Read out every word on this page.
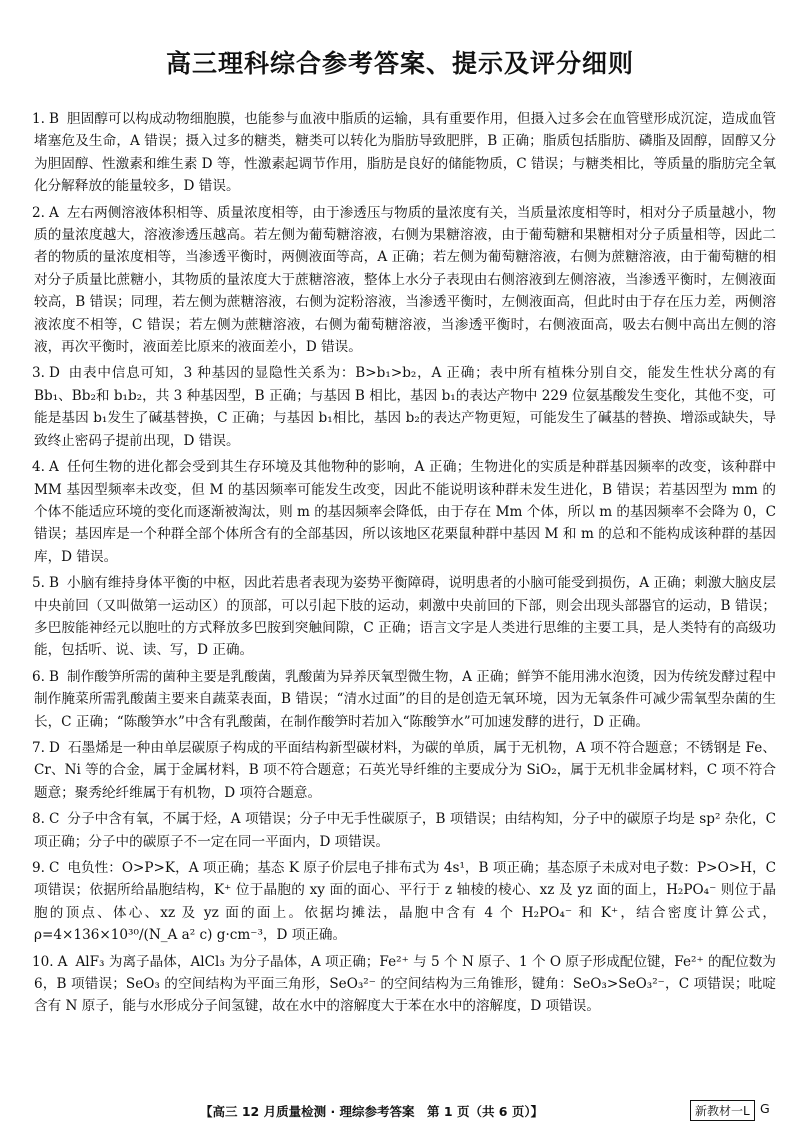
高三理科综合参考答案、提示及评分细则
1. B 胆固醇可以构成动物细胞膜，也能参与血液中脂质的运输，具有重要作用，但摄入过多会在血管壁形成沉淀，造成血管堵塞危及生命，A 错误；摄入过多的糖类，糖类可以转化为脂肪导致肥胖，B 正确；脂质包括脂肪、磷脂及固醇，固醇又分为胆固醇、性激素和维生素 D 等，性激素起调节作用，脂肪是良好的储能物质，C 错误；与糖类相比，等质量的脂肪完全氧化分解释放的能量较多，D 错误。
2. A 左右两侧溶液体积相等、质量浓度相等，由于渗透压与物质的量浓度有关，当质量浓度相等时，相对分子质量越小，物质的量浓度越大，溶液渗透压越高。若左侧为葡萄糖溶液，右侧为果糖溶液，由于葡萄糖和果糖相对分子质量相等，因此二者的物质的量浓度相等，当渗透平衡时，两侧液面等高，A 正确；若左侧为葡萄糖溶液，右侧为蔗糖溶液，由于葡萄糖的相对分子质量比蔗糖小，其物质的量浓度大于蔗糖溶液，整体上水分子表现由右侧溶液到左侧溶液，当渗透平衡时，左侧液面较高，B 错误；同理，若左侧为蔗糖溶液，右侧为淀粉溶液，当渗透平衡时，左侧液面高，但此时由于存在压力差，两侧溶液浓度不相等，C 错误；若左侧为蔗糖溶液，右侧为葡萄糖溶液，当渗透平衡时，右侧液面高，吸去右侧中高出左侧的溶液，再次平衡时，液面差比原来的液面差小，D 错误。
3. D 由表中信息可知，3 种基因的显隐性关系为：B>b₁>b₂，A 正确；表中所有植株分别自交，能发生性状分离的有 Bb₁、Bb₂和 b₁b₂，共 3 种基因型，B 正确；与基因 B 相比，基因 b₁的表达产物中 229 位氨基酸发生变化，其他不变，可能是基因 b₁发生了碱基替换，C 正确；与基因 b₁相比，基因 b₂的表达产物更短，可能发生了碱基的替换、增添或缺失，导致终止密码子提前出现，D 错误。
4. A 任何生物的进化都会受到其生存环境及其他物种的影响，A 正确；生物进化的实质是种群基因频率的改变，该种群中 MM 基因型频率未改变，但 M 的基因频率可能发生改变，因此不能说明该种群未发生进化，B 错误；若基因型为 mm 的个体不能适应环境的变化而逐渐被淘汰，则 m 的基因频率会降低，由于存在 Mm 个体，所以 m 的基因频率不会降为 0，C 错误；基因库是一个种群全部个体所含有的全部基因，所以该地区花栗鼠种群中基因 M 和 m 的总和不能构成该种群的基因库，D 错误。
5. B 小脑有维持身体平衡的中枢，因此若患者表现为姿势平衡障碍，说明患者的小脑可能受到损伤，A 正确；刺激大脑皮层中央前回（又叫做第一运动区）的顶部，可以引起下肢的运动，刺激中央前回的下部，则会出现头部器官的运动，B 错误；多巴胺能神经元以胞吐的方式释放多巴胺到突触间隙，C 正确；语言文字是人类进行思维的主要工具，是人类特有的高级功能，包括听、说、读、写，D 正确。
6. B 制作酸笋所需的菌种主要是乳酸菌，乳酸菌为异养厌氧型微生物，A 正确；鲜笋不能用沸水泡烫，因为传统发酵过程中制作腌菜所需乳酸菌主要来自蔬菜表面，B 错误；“清水过面”的目的是创造无氧环境，因为无氧条件可减少需氧型杂菌的生长，C 正确；“陈酸笋水”中含有乳酸菌，在制作酸笋时若加入“陈酸笋水”可加速发酵的进行，D 正确。
7. D 石墨烯是一种由单层碳原子构成的平面结构新型碳材料，为碳的单质，属于无机物，A 项不符合题意；不锈钢是 Fe、Cr、Ni 等的合金，属于金属材料，B 项不符合题意；石英光导纤维的主要成分为 SiO₂，属于无机非金属材料，C 项不符合题意；聚秀纶纤维属于有机物，D 项符合题意。
8. C 分子中含有氧，不属于烃，A 项错误；分子中无手性碳原子，B 项错误；由结构知，分子中的碳原子均是 sp² 杂化，C 项正确；分子中的碳原子不一定在同一平面内，D 项错误。
9. C 电负性：O>P>K，A 项正确；基态 K 原子价层电子排布式为 4s¹，B 项正确；基态原子未成对电子数：P>O>H，C 项错误；依据所给晶胞结构，K⁺ 位于晶胞的 xy 面的面心、平行于 z 轴棱的棱心、xz 及 yz 面的面上，H₂PO₄⁻ 则位于晶胞的顶点、体心、xz 及 yz 面的面上。依据均摊法，晶胞中含有 4 个 H₂PO₄⁻ 和 K⁺，结合密度计算公式，ρ=4×136×10³⁰/(N_A a² c) g·cm⁻³，D 项正确。
10. A AlF₃ 为离子晶体，AlCl₃ 为分子晶体，A 项正确；Fe²⁺ 与 5 个 N 原子、1 个 O 原子形成配位键，Fe²⁺ 的配位数为 6，B 项错误；SeO₃ 的空间结构为平面三角形，SeO₃²⁻ 的空间结构为三角锥形，键角：SeO₃>SeO₃²⁻，C 项错误；吡啶含有 N 原子，能与水形成分子间氢键，故在水中的溶解度大于苯在水中的溶解度，D 项错误。
【高三 12 月质量检测 · 理综参考答案　第 1 页（共 6 页）】	新教材一L G
